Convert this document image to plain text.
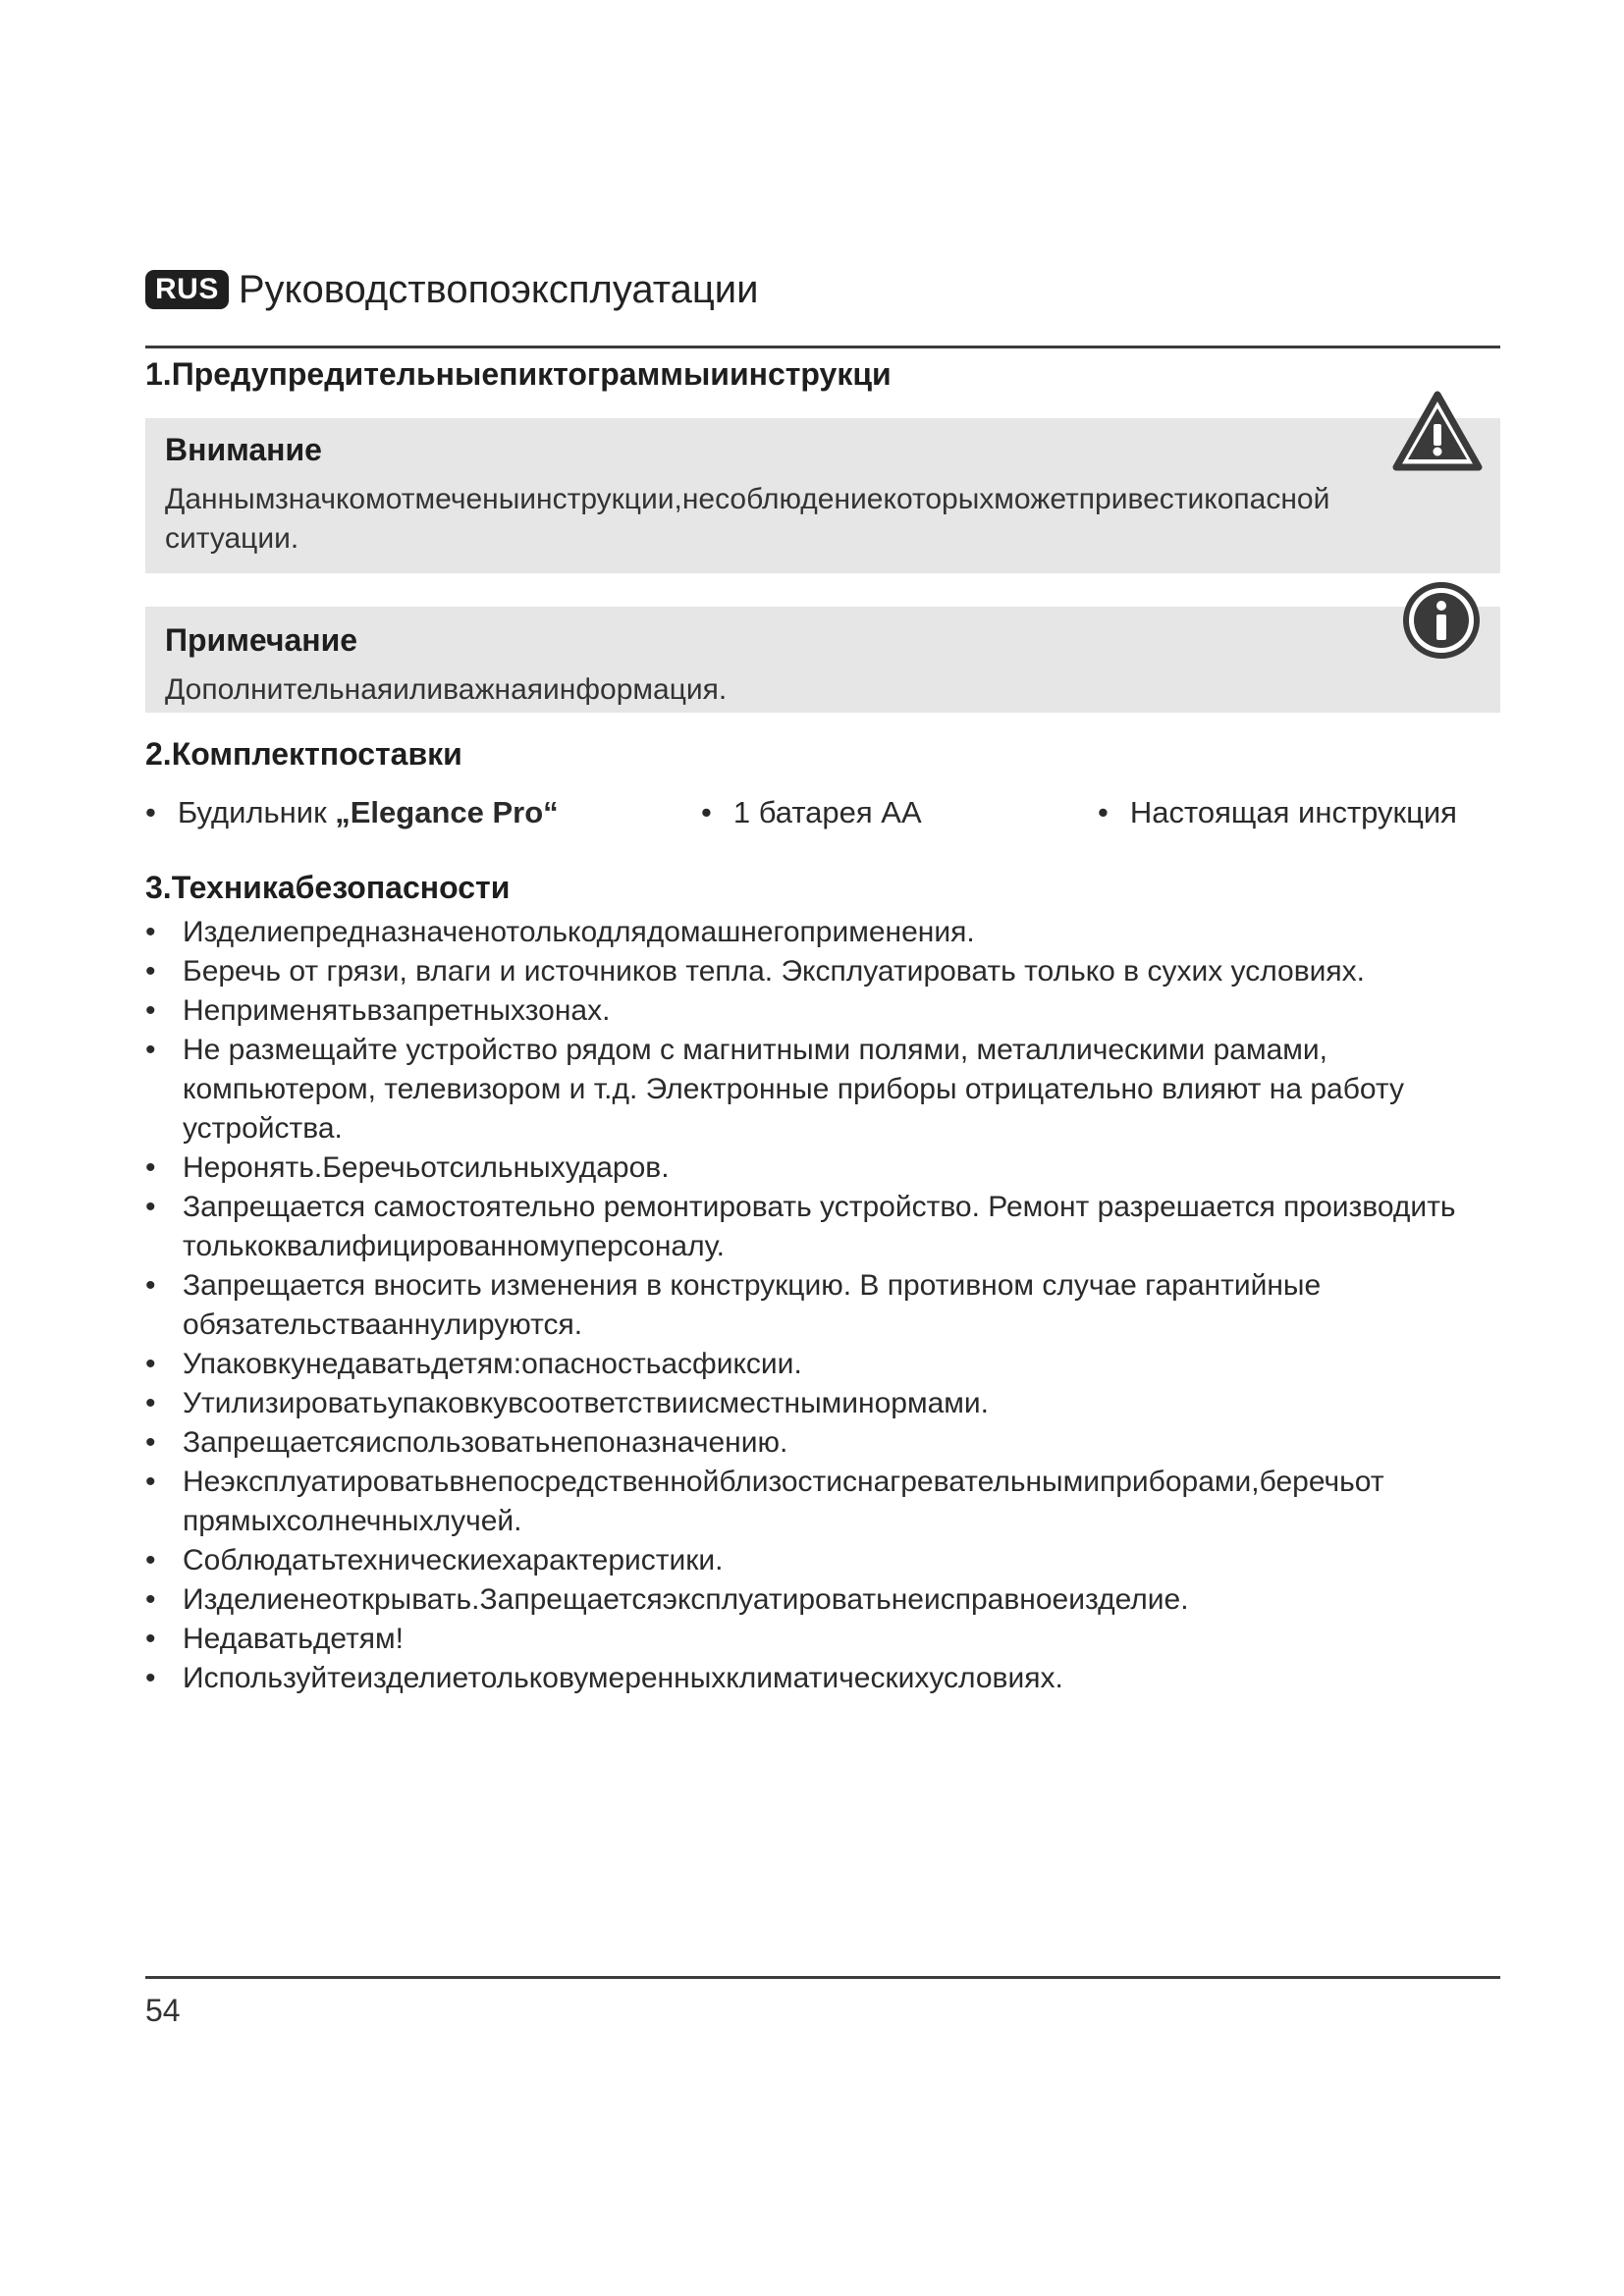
RUS Руководствопоэксплуатации
1.Предупредительныепиктограммыиинструкци
Внимание
Даннымзначкомотмеченыинструкции,несоблюдениекоторыхможетпривестикопасной ситуации.
Примечание
Дополнительнаяиливажнаяинформация.
2.Комплектпоставки
• Будильник „Elegance Pro“	• 1 батарея AA	• Настоящая инструкция
3.Техникабезопасности
• Изделиепредназначенотолькодлядомашнегоприменения.
• Беречь от грязи, влаги и источников тепла. Эксплуатировать только в сухих условиях.
• Неприменятьвзапретныхзонах.
• Не размещайте устройство рядом с магнитными полями, металлическими рамами, компьютером, телевизором и т.д. Электронные приборы отрицательно влияют на работу устройства.
• Неронять.Беречьотсильныхударов.
• Запрещается самостоятельно ремонтировать устройство. Ремонт разрешается производить толькоквалифицированномуперсоналу.
• Запрещается вносить изменения в конструкцию. В противном случае гарантийные обязательствааннулируются.
• Упаковкунедаватьдетям:опасностьасфиксии.
• Утилизироватьупаковкувсоответствиисместныминормами.
• Запрещаетсяиспользоватьнепоназначению.
• Неэксплуатироватьвнепосредственнойблизостиснагревательнымиприборами,беречьот прямыхсолнечныхлучей.
• Соблюдатьтехническиехарактеристики.
• Изделиенеоткрывать.Запрещаетсяэксплуатироватьнеисправноеизделие.
• Недаватьдетям!
• Используйтеизделиетольковумеренныхклиматическихусловиях.
54
